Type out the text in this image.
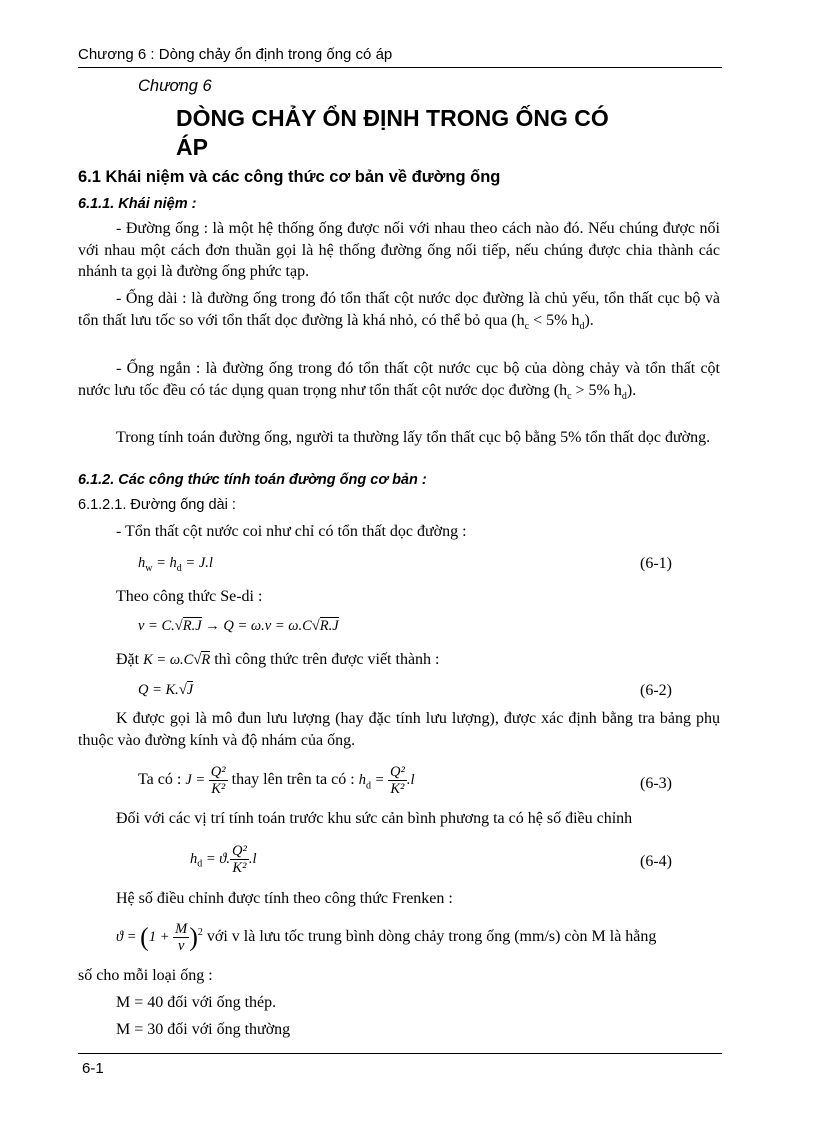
Chương 6 : Dòng chảy ổn định trong ống có áp
Chương 6
DÒNG CHẢY ỔN ĐỊNH TRONG ỐNG CÓ
ÁP
6.1 Khái niệm và các công thức cơ bản về đường ống
6.1.1. Khái niệm :
- Đường ống : là một hệ thống ống được nối với nhau theo cách nào đó. Nếu chúng được nối với nhau một cách đơn thuần gọi là hệ thống đường ống nối tiếp, nếu chúng được chia thành các nhánh ta gọi là đường ống phức tạp.
- Ống dài : là đường ống trong đó tổn thất cột nước dọc đường là chủ yếu, tổn thất cục bộ và tổn thất lưu tốc so với tổn thất dọc đường là khá nhỏ, có thể bỏ qua ($h_c < 5\%$ $h_d$).
- Ống ngắn : là đường ống trong đó tổn thất cột nước cục bộ của dòng chảy và tổn thất cột nước lưu tốc đều có tác dụng quan trọng như tổn thất cột nước dọc đường ($h_c > 5\%$ $h_d$).
Trong tính toán đường ống, người ta thường lấy tổn thất cục bộ bằng 5% tổn thất dọc đường.
6.1.2. Các công thức tính toán đường ống cơ bản :
6.1.2.1. Đường ống dài :
- Tổn thất cột nước coi như chỉ có tổn thất dọc đường :
$h_w = h_d = J.l$	(6-1)
Theo công thức Se-di :
v = C.√R.J → Q = ω.v = ω.C√R.J
Đặt K = ω.C√R thì công thức trên được viết thành :
Q = K.√J	(6-2)
K được gọi là mô đun lưu lượng (hay đặc tính lưu lượng), được xác định bằng tra bảng phụ thuộc vào đường kính và độ nhám của ống.
Ta có : $J = \frac{\text{Q²}}{\text{K²}}$ thay lên trên ta có : $h_d = \frac{\text{Q²}}{\text{K²}} .l$	(6-3)
Đối với các vị trí tính toán trước khu sức cản bình phương ta có hệ số điều chỉnh
$h_d = ϑ$. $\frac{\text{Q²}}{\text{K²}} .l$	(6-4)
Hệ số điều chỉnh được tính theo công thức Frenken :
$ϑ = (1 + \frac{M}{v} )^2$ với v là lưu tốc trung bình dòng chảy trong ống (mm/s) còn M là hằng
số cho mỗi loại ống :
M = 40 đối với ống thép.
M = 30 đối với ống thường
6-1
